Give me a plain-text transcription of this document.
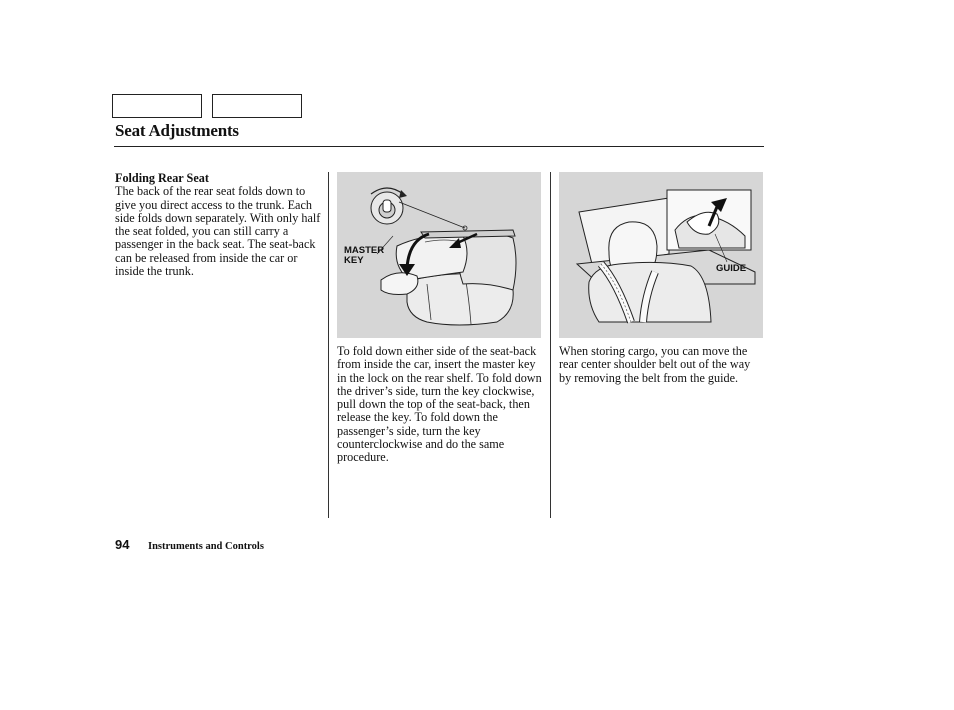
Seat Adjustments
Folding Rear Seat
The back of the rear seat folds down to give you direct access to the trunk. Each side folds down separately. With only half the seat folded, you can still carry a passenger in the back seat. The seat-back can be released from inside the car or inside the trunk.
MASTER KEY
To fold down either side of the seat-back from inside the car, insert the master key in the lock on the rear shelf. To fold down the driver’s side, turn the key clockwise, pull down the top of the seat-back, then release the key. To fold down the passenger’s side, turn the key counterclockwise and do the same procedure.
GUIDE
When storing cargo, you can move the rear center shoulder belt out of the way by removing the belt from the guide.
94 Instruments and Controls
